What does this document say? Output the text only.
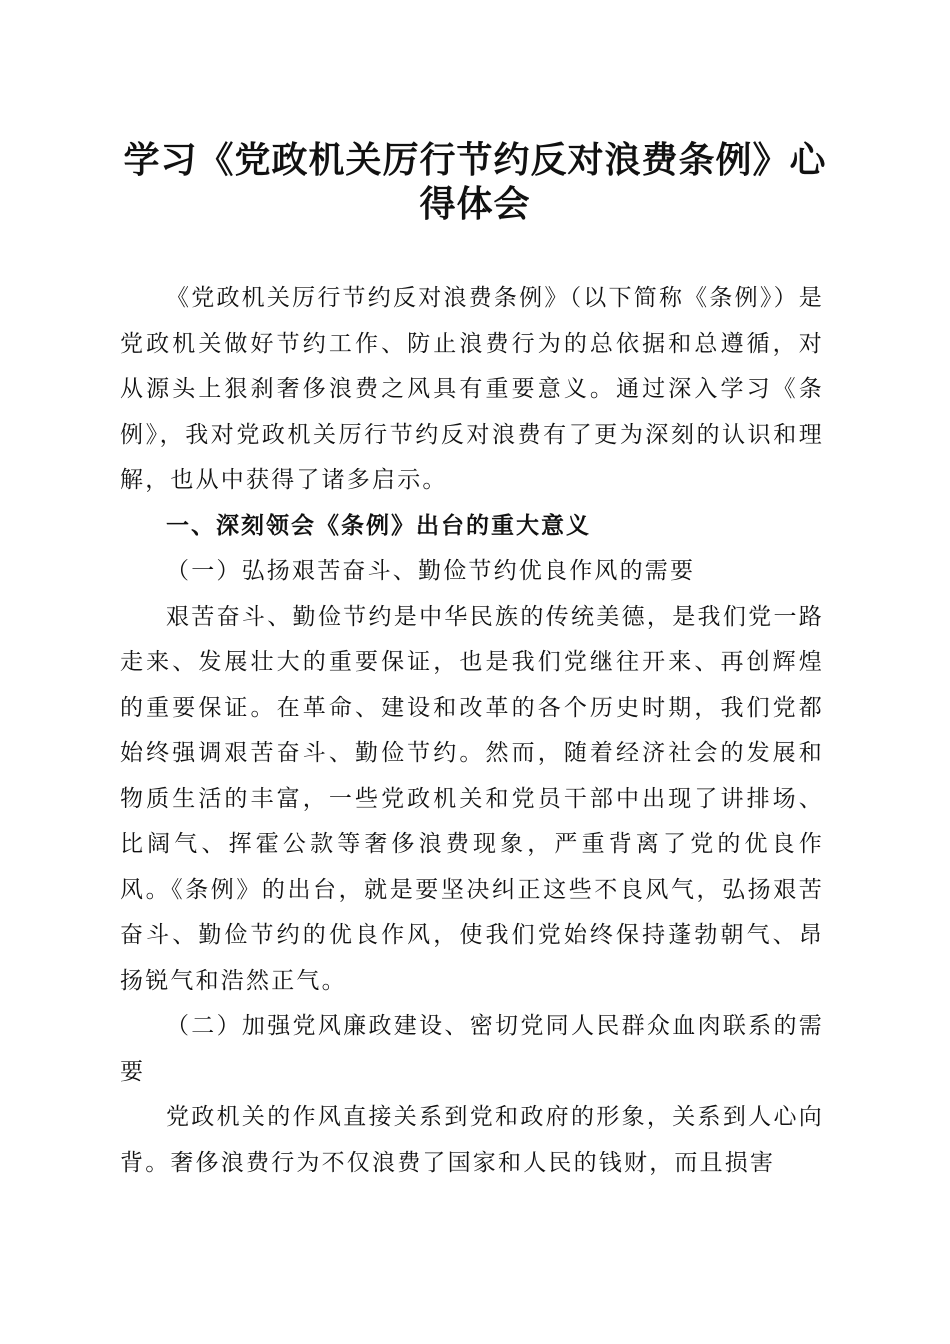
学习《党政机关厉行节约反对浪费条例》心得体会

《党政机关厉行节约反对浪费条例》（以下简称《条例》）是党政机关做好节约工作、防止浪费行为的总依据和总遵循，对从源头上狠刹奢侈浪费之风具有重要意义。通过深入学习《条例》，我对党政机关厉行节约反对浪费有了更为深刻的认识和理解，也从中获得了诸多启示。

一、深刻领会《条例》出台的重大意义
（一）弘扬艰苦奋斗、勤俭节约优良作风的需要

艰苦奋斗、勤俭节约是中华民族的传统美德，是我们党一路走来、发展壮大的重要保证，也是我们党继往开来、再创辉煌的重要保证。在革命、建设和改革的各个历史时期，我们党都始终强调艰苦奋斗、勤俭节约。然而，随着经济社会的发展和物质生活的丰富，一些党政机关和党员干部中出现了讲排场、比阔气、挥霍公款等奢侈浪费现象，严重背离了党的优良作风。《条例》的出台，就是要坚决纠正这些不良风气，弘扬艰苦奋斗、勤俭节约的优良作风，使我们党始终保持蓬勃朝气、昂扬锐气和浩然正气。

（二）加强党风廉政建设、密切党同人民群众血肉联系的需要

党政机关的作风直接关系到党和政府的形象，关系到人心向背。奢侈浪费行为不仅浪费了国家和人民的钱财，而且损害
